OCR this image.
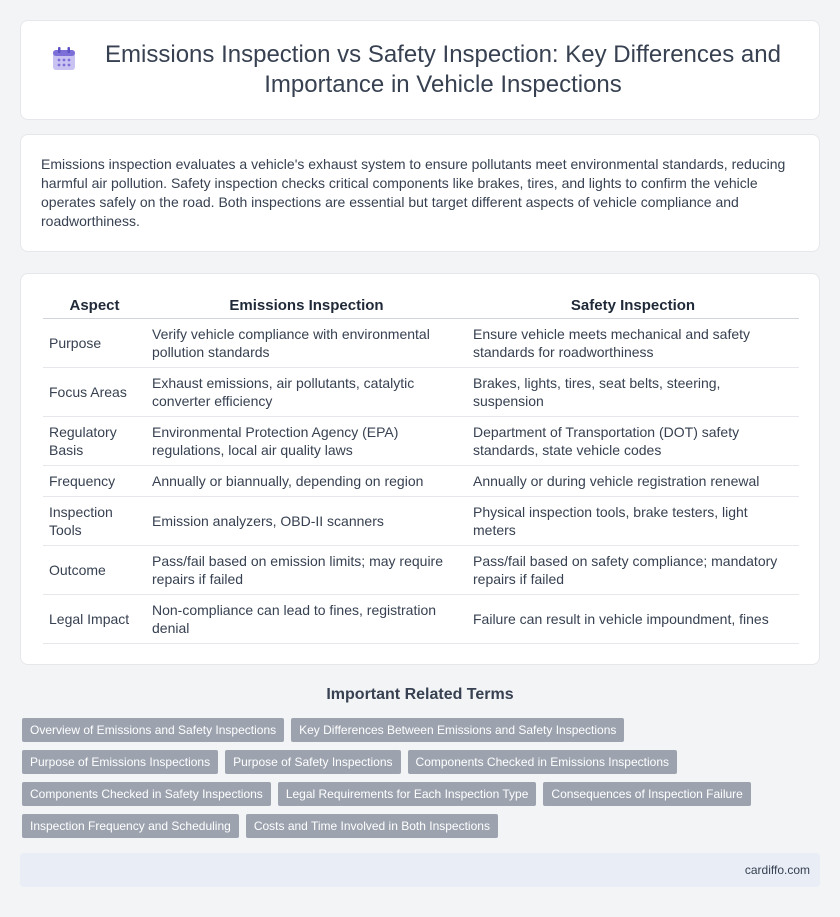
Emissions Inspection vs Safety Inspection: Key Differences and Importance in Vehicle Inspections

Emissions inspection evaluates a vehicle's exhaust system to ensure pollutants meet environmental standards, reducing harmful air pollution. Safety inspection checks critical components like brakes, tires, and lights to confirm the vehicle operates safely on the road. Both inspections are essential but target different aspects of vehicle compliance and roadworthiness.

Aspect	Emissions Inspection	Safety Inspection
Purpose	Verify vehicle compliance with environmental pollution standards	Ensure vehicle meets mechanical and safety standards for roadworthiness
Focus Areas	Exhaust emissions, air pollutants, catalytic converter efficiency	Brakes, lights, tires, seat belts, steering, suspension
Regulatory Basis	Environmental Protection Agency (EPA) regulations, local air quality laws	Department of Transportation (DOT) safety standards, state vehicle codes
Frequency	Annually or biannually, depending on region	Annually or during vehicle registration renewal
Inspection Tools	Emission analyzers, OBD-II scanners	Physical inspection tools, brake testers, light meters
Outcome	Pass/fail based on emission limits; may require repairs if failed	Pass/fail based on safety compliance; mandatory repairs if failed
Legal Impact	Non-compliance can lead to fines, registration denial	Failure can result in vehicle impoundment, fines
Important Related Terms
Overview of Emissions and Safety Inspections	Key Differences Between Emissions and Safety Inspections
Purpose of Emissions Inspections	Purpose of Safety Inspections	Components Checked in Emissions Inspections
Components Checked in Safety Inspections	Legal Requirements for Each Inspection Type	Consequences of Inspection Failure
Inspection Frequency and Scheduling	Costs and Time Involved in Both Inspections
cardiffo.com
